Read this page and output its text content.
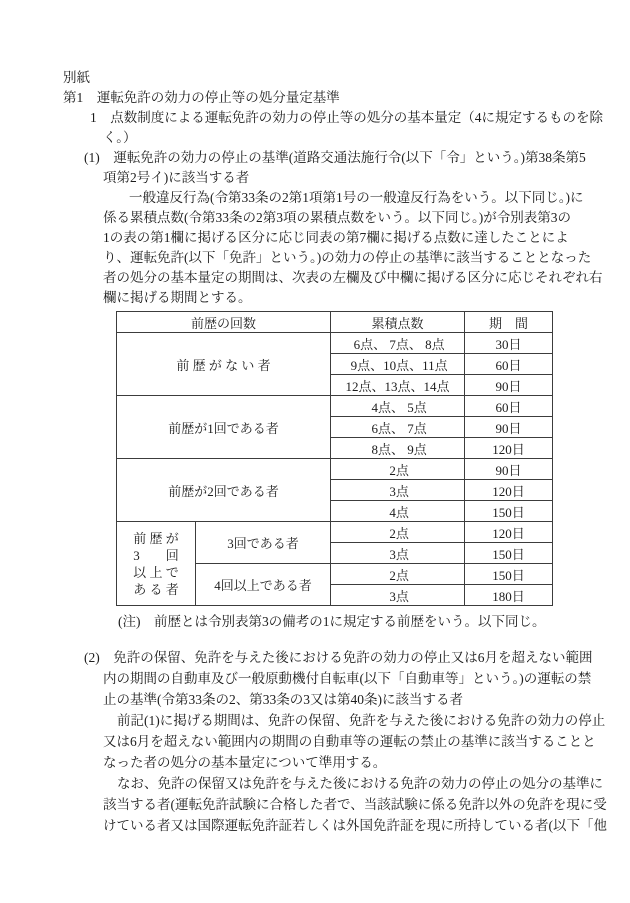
別紙
第1　運転免許の効力の停止等の処分量定基準
1　点数制度による運転免許の効力の停止等の処分の基本量定（4に規定するものを除
く。）
(1)　運転免許の効力の停止の基準(道路交通法施行令(以下「令」という。)第38条第5
項第2号イ)に該当する者
一般違反行為(令第33条の2第1項第1号の一般違反行為をいう。以下同じ。)に
係る累積点数(令第33条の2第3項の累積点数をいう。以下同じ。)が令別表第3の
1の表の第1欄に掲げる区分に応じ同表の第7欄に掲げる点数に達したことによ
り、運転免許(以下「免許」という。)の効力の停止の基準に該当することとなった
者の処分の基本量定の期間は、次表の左欄及び中欄に掲げる区分に応じそれぞれ右
欄に掲げる期間とする。
前歴の回数		累積点数	期　間
前 歴 が な い 者		6点、 7点、 8点	30日
		9点、10点、11点	60日
		12点、13点、14点	90日
前歴が1回である者		4点、 5点	60日
		6点、 7点	90日
		8点、 9点	120日
前歴が2回である者		2点	90日
		3点	120日
		4点	150日
前 歴 が
3　　回
以 上 で
あ る 者	3回である者	2点	120日
		3点	150日
	4回以上である者	2点	150日
		3点	180日
(注)　前歴とは令別表第3の備考の1に規定する前歴をいう。以下同じ。
(2)　免許の保留、免許を与えた後における免許の効力の停止又は6月を超えない範囲
内の期間の自動車及び一般原動機付自転車(以下「自動車等」という。)の運転の禁
止の基準(令第33条の2、第33条の3又は第40条)に該当する者
前記(1)に掲げる期間は、免許の保留、免許を与えた後における免許の効力の停止
又は6月を超えない範囲内の期間の自動車等の運転の禁止の基準に該当することと
なった者の処分の基本量定について準用する。
なお、免許の保留又は免許を与えた後における免許の効力の停止の処分の基準に
該当する者(運転免許試験に合格した者で、当該試験に係る免許以外の免許を現に受
けている者又は国際運転免許証若しくは外国免許証を現に所持している者(以下「他
